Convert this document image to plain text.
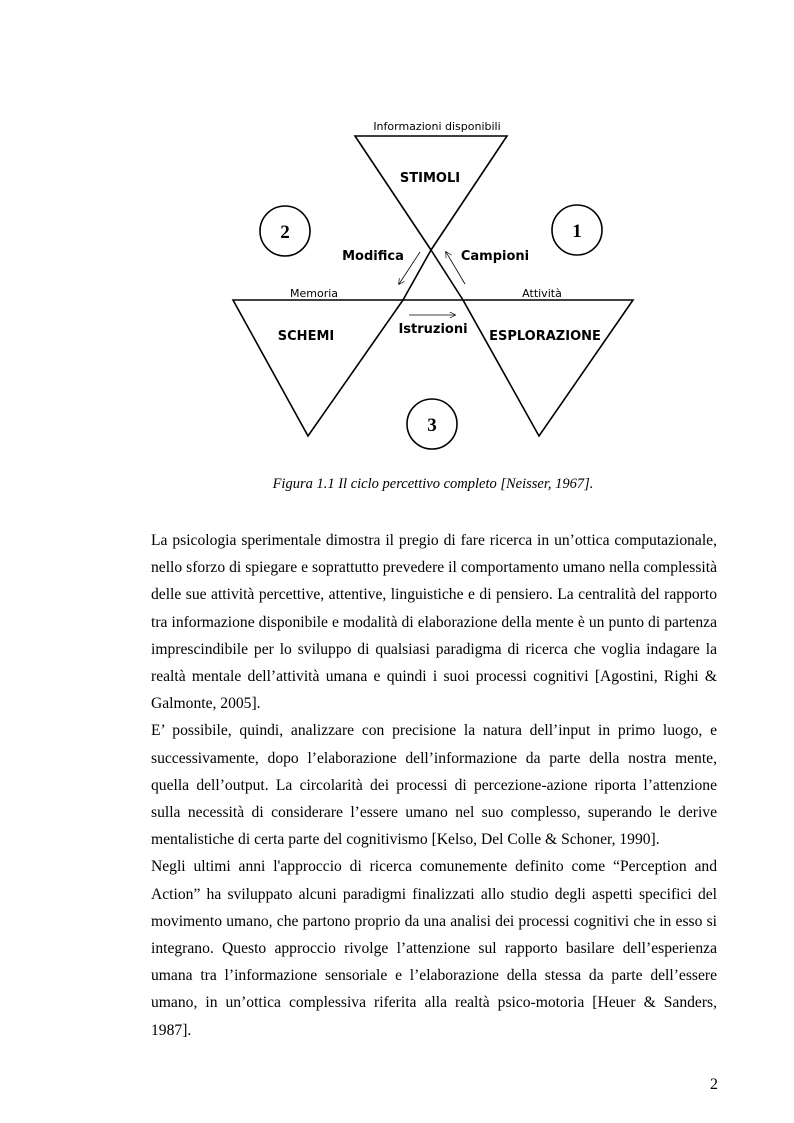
Informazioni disponibili
STIMOLI
Modifica	Campioni
Memoria	Attività
Istruzioni
SCHEMI	ESPLORAZIONE
2	1
3
Figura 1.1 Il ciclo percettivo completo [Neisser, 1967].

La psicologia sperimentale dimostra il pregio di fare ricerca in un’ottica computazionale, nello sforzo di spiegare e soprattutto prevedere il comportamento umano nella complessità delle sue attività percettive, attentive, linguistiche e di pensiero. La centralità del rapporto tra informazione disponibile e modalità di elaborazione della mente è un punto di partenza imprescindibile per lo sviluppo di qualsiasi paradigma di ricerca che voglia indagare la realtà mentale dell’attività umana e quindi i suoi processi cognitivi [Agostini, Righi & Galmonte, 2005].

E’ possibile, quindi, analizzare con precisione la natura dell’input in primo luogo, e successivamente, dopo l’elaborazione dell’informazione da parte della nostra mente, quella dell’output. La circolarità dei processi di percezione-azione riporta l’attenzione sulla necessità di considerare l’essere umano nel suo complesso, superando le derive mentalistiche di certa parte del cognitivismo [Kelso, Del Colle & Schoner, 1990].

Negli ultimi anni l'approccio di ricerca comunemente definito come “Perception and Action” ha sviluppato alcuni paradigmi finalizzati allo studio degli aspetti specifici del movimento umano, che partono proprio da una analisi dei processi cognitivi che in esso si integrano. Questo approccio rivolge l’attenzione sul rapporto basilare dell’esperienza umana tra l’informazione sensoriale e l’elaborazione della stessa da parte dell’essere umano, in un’ottica complessiva riferita alla realtà psico-motoria [Heuer & Sanders, 1987].

2
